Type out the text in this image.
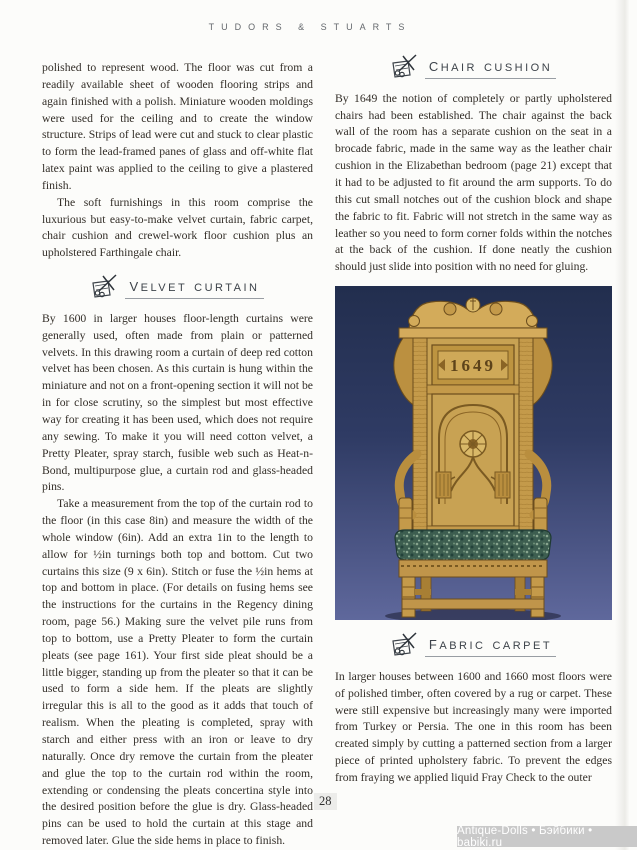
TUDORS & STUARTS

polished to represent wood. The floor was cut from a readily available sheet of wooden flooring strips and again finished with a polish. Miniature wooden moldings were used for the ceiling and to create the window structure. Strips of lead were cut and stuck to clear plastic to form the lead-framed panes of glass and off-white flat latex paint was applied to the ceiling to give a plastered finish.

The soft furnishings in this room comprise the luxurious but easy-to-make velvet curtain, fabric carpet, chair cushion and crewel-work floor cushion plus an upholstered Farthingale chair.

velvet curtain

By 1600 in larger houses floor-length curtains were generally used, often made from plain or patterned velvets. In this drawing room a curtain of deep red cotton velvet has been chosen. As this curtain is hung within the miniature and not on a front-opening section it will not be in for close scrutiny, so the simplest but most effective way for creating it has been used, which does not require any sewing. To make it you will need cotton velvet, a Pretty Pleater, spray starch, fusible web such as Heat-n-Bond, multipurpose glue, a curtain rod and glass-headed pins.

Take a measurement from the top of the curtain rod to the floor (in this case 8in) and measure the width of the whole window (6in). Add an extra 1in to the length to allow for ½in turnings both top and bottom. Cut two curtains this size (9 x 6in). Stitch or fuse the ½in hems at top and bottom in place. (For details on fusing hems see the instructions for the curtains in the Regency dining room, page 56.) Making sure the velvet pile runs from top to bottom, use a Pretty Pleater to form the curtain pleats (see page 161). Your first side pleat should be a little bigger, standing up from the pleater so that it can be used to form a side hem. If the pleats are slightly irregular this is all to the good as it adds that touch of realism. When the pleating is completed, spray with starch and either press with an iron or leave to dry naturally. Once dry remove the curtain from the pleater and glue the top to the curtain rod within the room, extending or condensing the pleats concertina style into the desired position before the glue is dry. Glass-headed pins can be used to hold the curtain at this stage and removed later. Glue the side hems in place to finish.

chair cushion

By 1649 the notion of completely or partly upholstered chairs had been established. The chair against the back wall of the room has a separate cushion on the seat in a brocade fabric, made in the same way as the leather chair cushion in the Elizabethan bedroom (page 21) except that it had to be adjusted to fit around the arm supports. To do this cut small notches out of the cushion block and shape the fabric to fit. Fabric will not stretch in the same way as leather so you need to form corner folds within the notches at the back of the cushion. If done neatly the cushion should just slide into position with no need for gluing.

1649
fabric carpet

In larger houses between 1600 and 1660 most floors were of polished timber, often covered by a rug or carpet. These were still expensive but increasingly many were imported from Turkey or Persia. The one in this room has been created simply by cutting a patterned section from a larger piece of printed upholstery fabric. To prevent the edges from fraying we applied liquid Fray Check to the outer

28
Antique-Dolls • Бэйбики • babiki.ru
